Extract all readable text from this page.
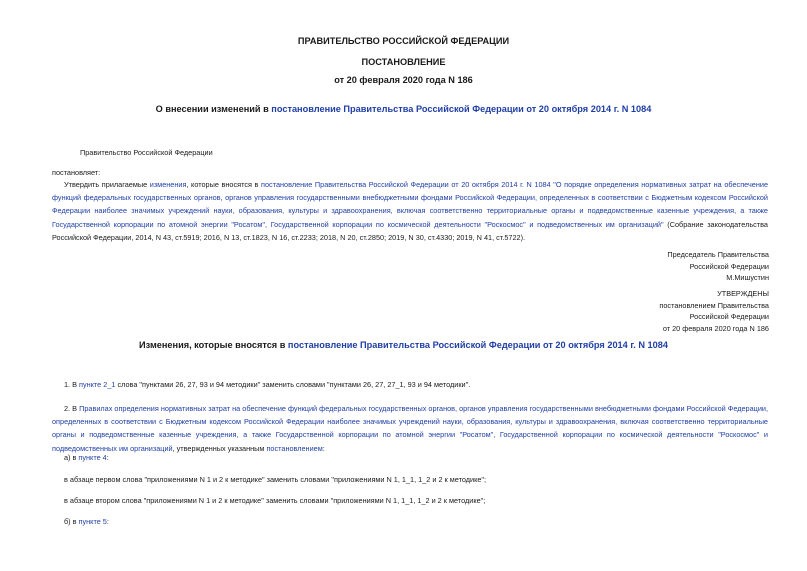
ПРАВИТЕЛЬСТВО РОССИЙСКОЙ ФЕДЕРАЦИИ
ПОСТАНОВЛЕНИЕ
от 20 февраля 2020 года N 186
О внесении изменений в постановление Правительства Российской Федерации от 20 октября 2014 г. N 1084
Правительство Российской Федерации
постановляет:
Утвердить прилагаемые изменения, которые вносятся в постановление Правительства Российской Федерации от 20 октября 2014 г. N 1084 "О порядке определения нормативных затрат на обеспечение функций федеральных государственных органов, органов управления государственными внебюджетными фондами Российской Федерации, определенных в соответствии с Бюджетным кодексом Российской Федерации наиболее значимых учреждений науки, образования, культуры и здравоохранения, включая соответственно территориальные органы и подведомственные казенные учреждения, а также Государственной корпорации по атомной энергии "Росатом", Государственной корпорации по космической деятельности "Роскосмос" и подведомственных им организаций" (Собрание законодательства Российской Федерации, 2014, N 43, ст.5919; 2016, N 13, ст.1823, N 16, ст.2233; 2018, N 20, ст.2850; 2019, N 30, ст.4330; 2019, N 41, ст.5722).
Председатель Правительства
Российской Федерации
М.Мишустин
УТВЕРЖДЕНЫ
постановлением Правительства
Российской Федерации
от 20 февраля 2020 года N 186
Изменения, которые вносятся в постановление Правительства Российской Федерации от 20 октября 2014 г. N 1084
1. В пункте 2_1 слова "пунктами 26, 27, 93 и 94 методики" заменить словами "пунктами 26, 27, 27_1, 93 и 94 методики".
2. В Правилах определения нормативных затрат на обеспечение функций федеральных государственных органов, органов управления государственными внебюджетными фондами Российской Федерации, определенных в соответствии с Бюджетным кодексом Российской Федерации наиболее значимых учреждений науки, образования, культуры и здравоохранения, включая соответственно территориальные органы и подведомственные казенные учреждения, а также Государственной корпорации по атомной энергии "Росатом", Государственной корпорации по космической деятельности "Роскосмос" и подведомственных им организаций, утвержденных указанным постановлением:
а) в пункте 4:
в абзаце первом слова "приложениями N 1 и 2 к методике" заменить словами "приложениями N 1, 1_1, 1_2 и 2 к методике";
в абзаце втором слова "приложениями N 1 и 2 к методике" заменить словами "приложениями N 1, 1_1, 1_2 и 2 к методике";
б) в пункте 5:
